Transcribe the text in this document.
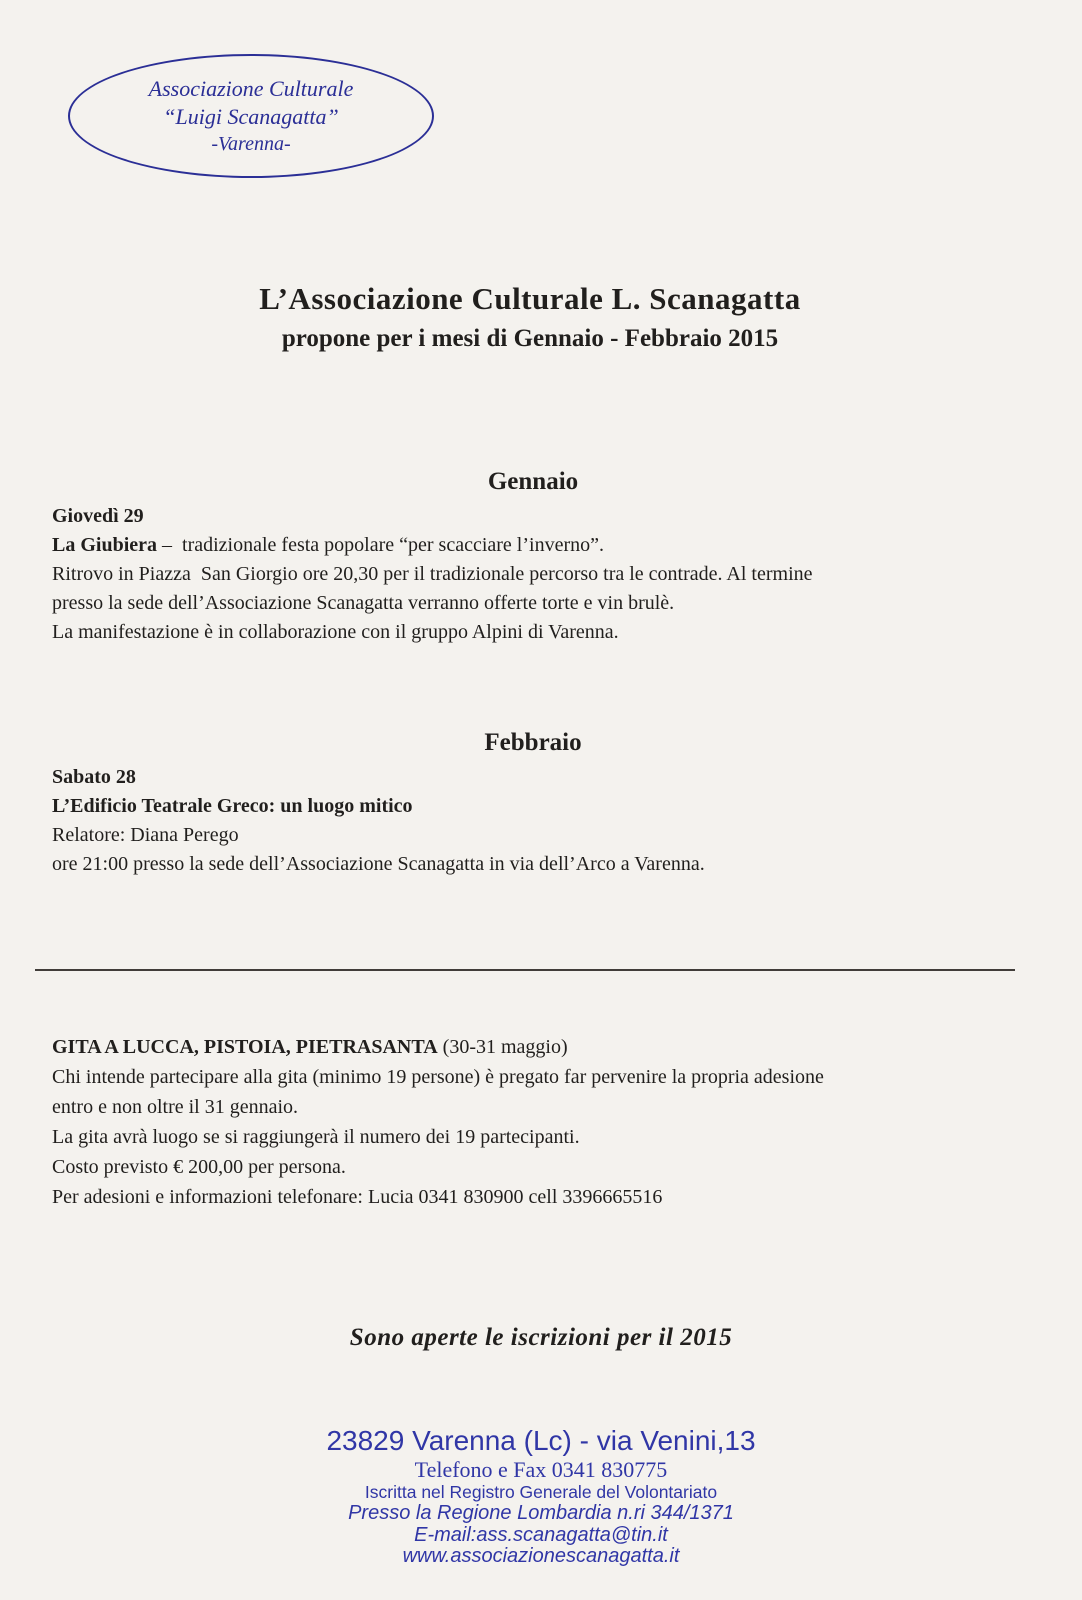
Associazione Culturale
“Luigi Scanagatta”
-Varenna-
L’Associazione Culturale L. Scanagatta
propone per i mesi di Gennaio - Febbraio 2015
Gennaio
Giovedì 29
La Giubiera –  tradizionale festa popolare “per scacciare l’inverno”.
Ritrovo in Piazza  San Giorgio ore 20,30 per il tradizionale percorso tra le contrade. Al termine
presso la sede dell’Associazione Scanagatta verranno offerte torte e vin brulè.
La manifestazione è in collaborazione con il gruppo Alpini di Varenna.
Febbraio
Sabato 28
L’Edificio Teatrale Greco: un luogo mitico
Relatore: Diana Perego
ore 21:00 presso la sede dell’Associazione Scanagatta in via dell’Arco a Varenna.
GITA A LUCCA, PISTOIA, PIETRASANTA (30-31 maggio)
Chi intende partecipare alla gita (minimo 19 persone) è pregato far pervenire la propria adesione
entro e non oltre il 31 gennaio.
La gita avrà luogo se si raggiungerà il numero dei 19 partecipanti.
Costo previsto € 200,00 per persona.
Per adesioni e informazioni telefonare: Lucia 0341 830900 cell 3396665516
Sono aperte le iscrizioni per il 2015
23829 Varenna (Lc) - via Venini,13
Telefono e Fax 0341 830775
Iscritta nel Registro Generale del Volontariato
Presso la Regione Lombardia n.ri 344/1371
E-mail:ass.scanagatta@tin.it
www.associazionescanagatta.it
